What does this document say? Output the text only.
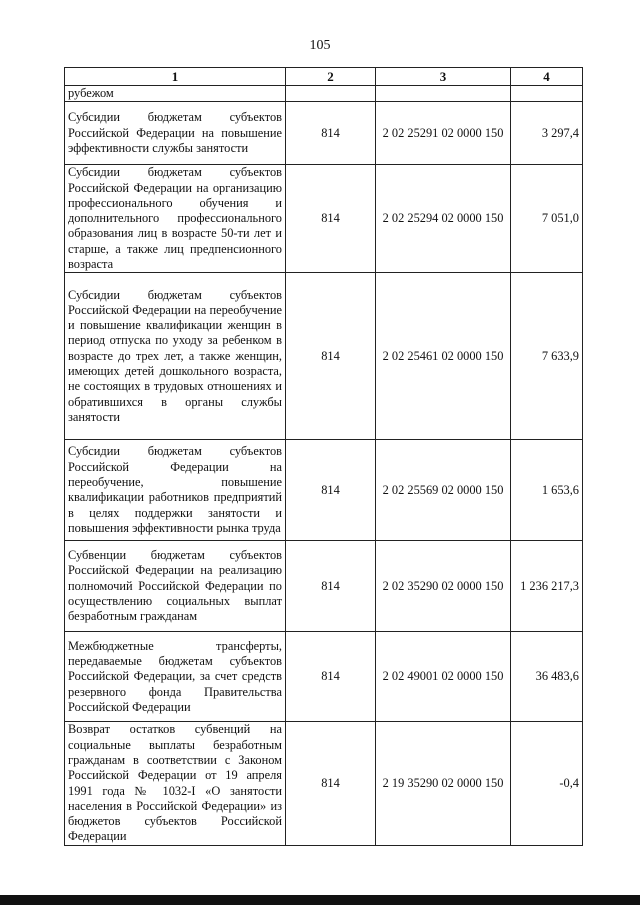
105
1	2	3	4
рубежом			
Субсидии бюджетам субъектов Российской Федерации на повышение эффективности службы занятости	814	2 02 25291 02 0000 150	3 297,4
Субсидии бюджетам субъектов Российской Федерации на организацию профессионального обучения и дополнительного профессионального образования лиц в возрасте 50-ти лет и старше, а также лиц предпенсионного возраста	814	2 02 25294 02 0000 150	7 051,0
Субсидии бюджетам субъектов Российской Федерации на переобучение и повышение квалификации женщин в период отпуска по уходу за ребенком в возрасте до трех лет, а также женщин, имеющих детей дошкольного возраста, не состоящих в трудовых отношениях и обратившихся в органы службы занятости	814	2 02 25461 02 0000 150	7 633,9
Субсидии бюджетам субъектов Российской Федерации на переобучение, повышение квалификации работников предприятий в целях поддержки занятости и повышения эффективности рынка труда	814	2 02 25569 02 0000 150	1 653,6
Субвенции бюджетам субъектов Российской Федерации на реализацию полномочий Российской Федерации по осуществлению социальных выплат безработным гражданам	814	2 02 35290 02 0000 150	1 236 217,3
Межбюджетные трансферты, передаваемые бюджетам субъектов Российской Федерации, за счет средств резервного фонда Правительства Российской Федерации	814	2 02 49001 02 0000 150	36 483,6
Возврат остатков субвенций на социальные выплаты безработным гражданам в соответствии с Законом Российской Федерации от 19 апреля 1991 года № 1032-I «О занятости населения в Российской Федерации» из бюджетов субъектов Российской Федерации	814	2 19 35290 02 0000 150	-0,4
